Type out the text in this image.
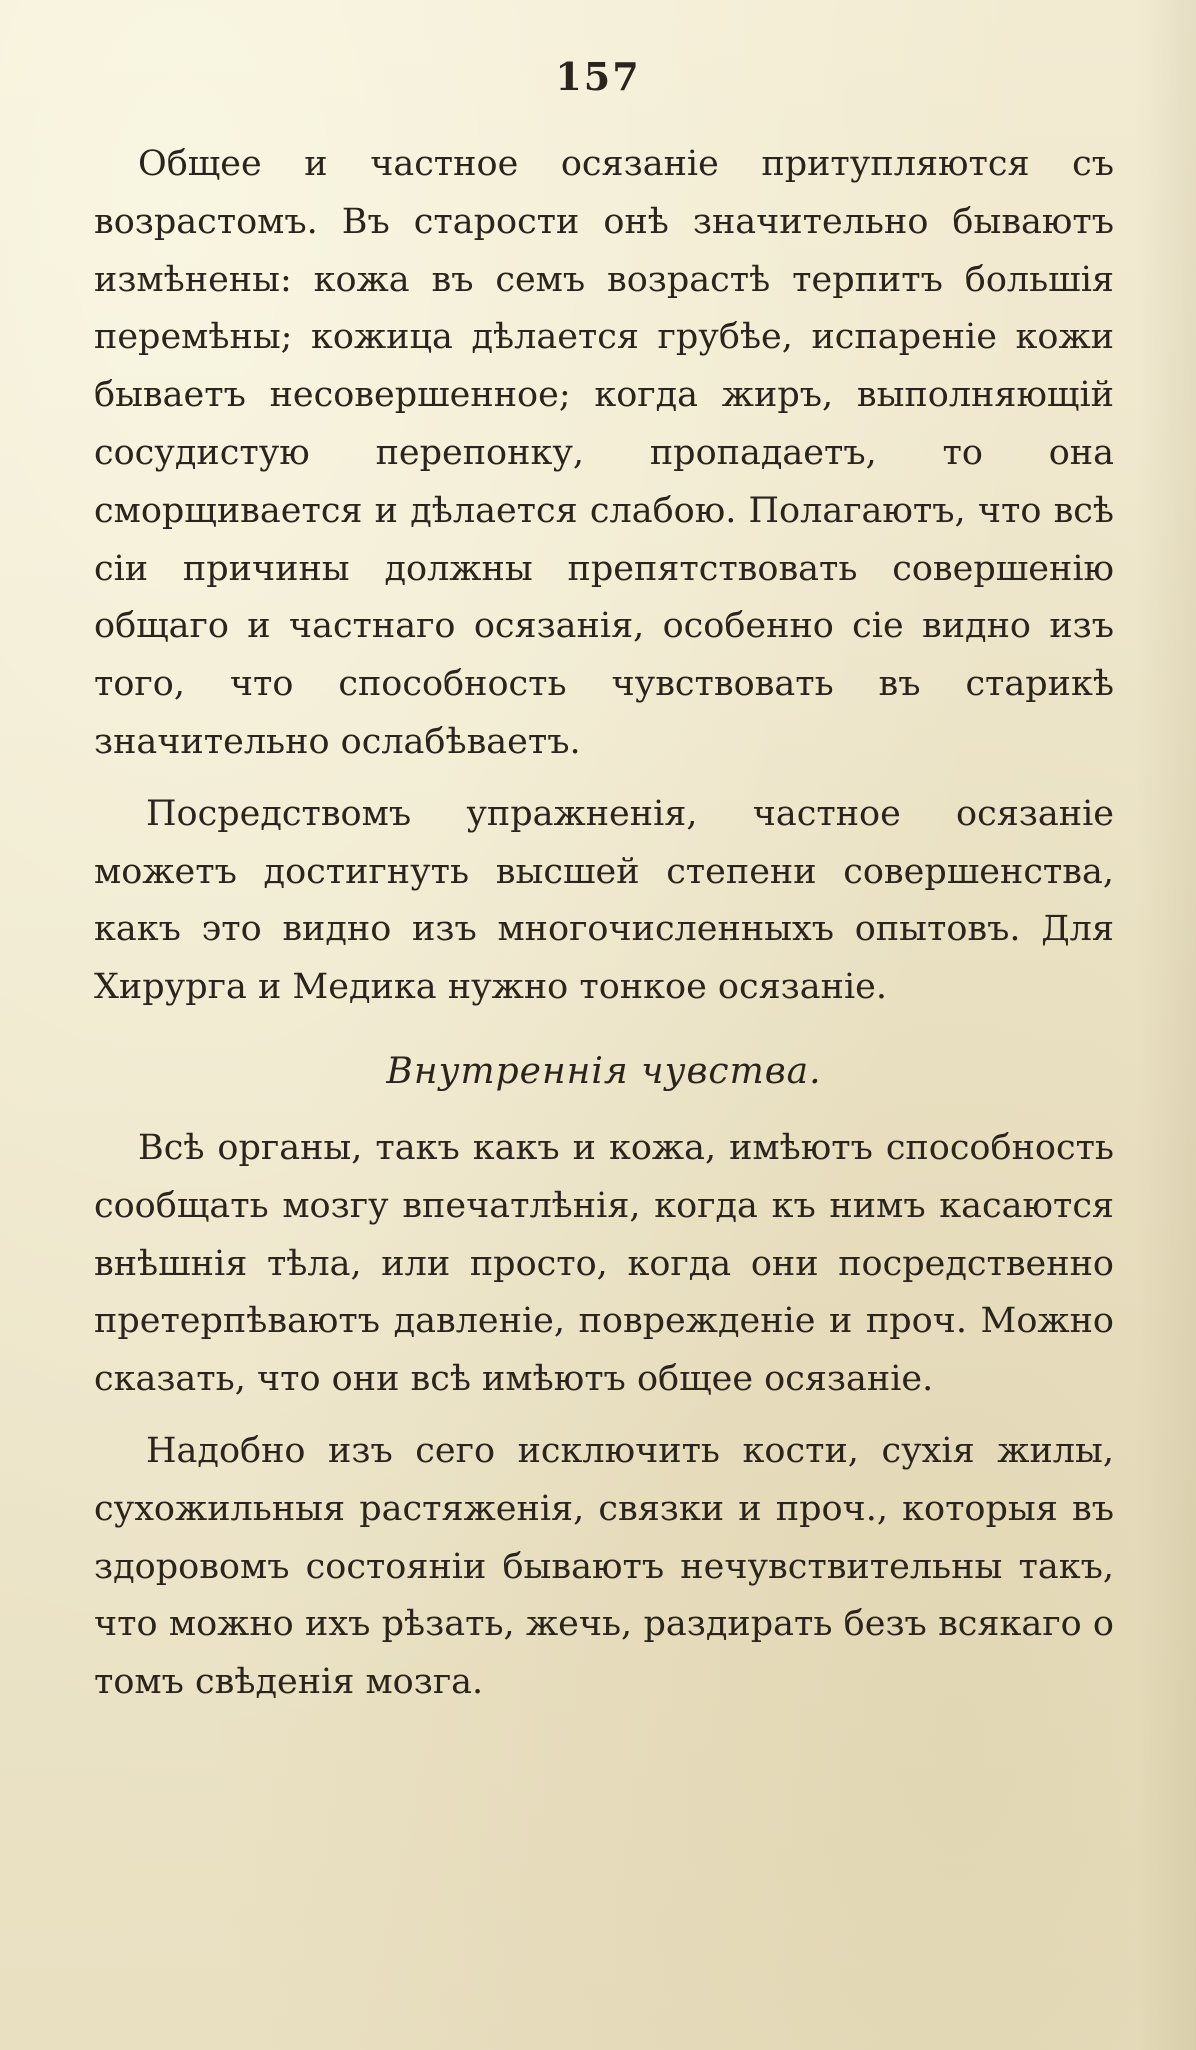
157

Общее и частное осязаніе притупляются съ возрастомъ. Въ старости онѣ значительно бываютъ измѣнены: кожа въ семъ возрастѣ терпитъ большія перемѣны; кожица дѣлается грубѣе, испареніе кожи бываетъ несовершенное; когда жиръ, выполняющій сосудистую перепонку, пропадаетъ, то она сморщивается и дѣлается слабою. Полагаютъ, что всѣ сіи причины должны препятствовать совершенію общаго и частнаго осязанія, особенно сіе видно изъ того, что способность чувствовать въ старикѣ значительно ослабѣваетъ.

Посредствомъ упражненія, частное осязаніе можетъ достигнуть высшей степени совершенства, какъ это видно изъ многочисленныхъ опытовъ. Для Хирурга и Медика нужно тонкое осязаніе.

Внутреннія чувства.

Всѣ органы, такъ какъ и кожа, имѣютъ способность сообщать мозгу впечатлѣнія, когда къ нимъ касаются внѣшнія тѣла, или просто, когда они посредственно претерпѣваютъ давленіе, поврежденіе и проч. Можно сказать, что они всѣ имѣютъ общее осязаніе.

Надобно изъ сего исключить кости, сухія жилы, сухожильныя растяженія, связки и проч., которыя въ здоровомъ состояніи бываютъ нечувствительны такъ, что можно ихъ рѣзать, жечь, раздирать безъ всякаго о томъ свѣденія мозга.
